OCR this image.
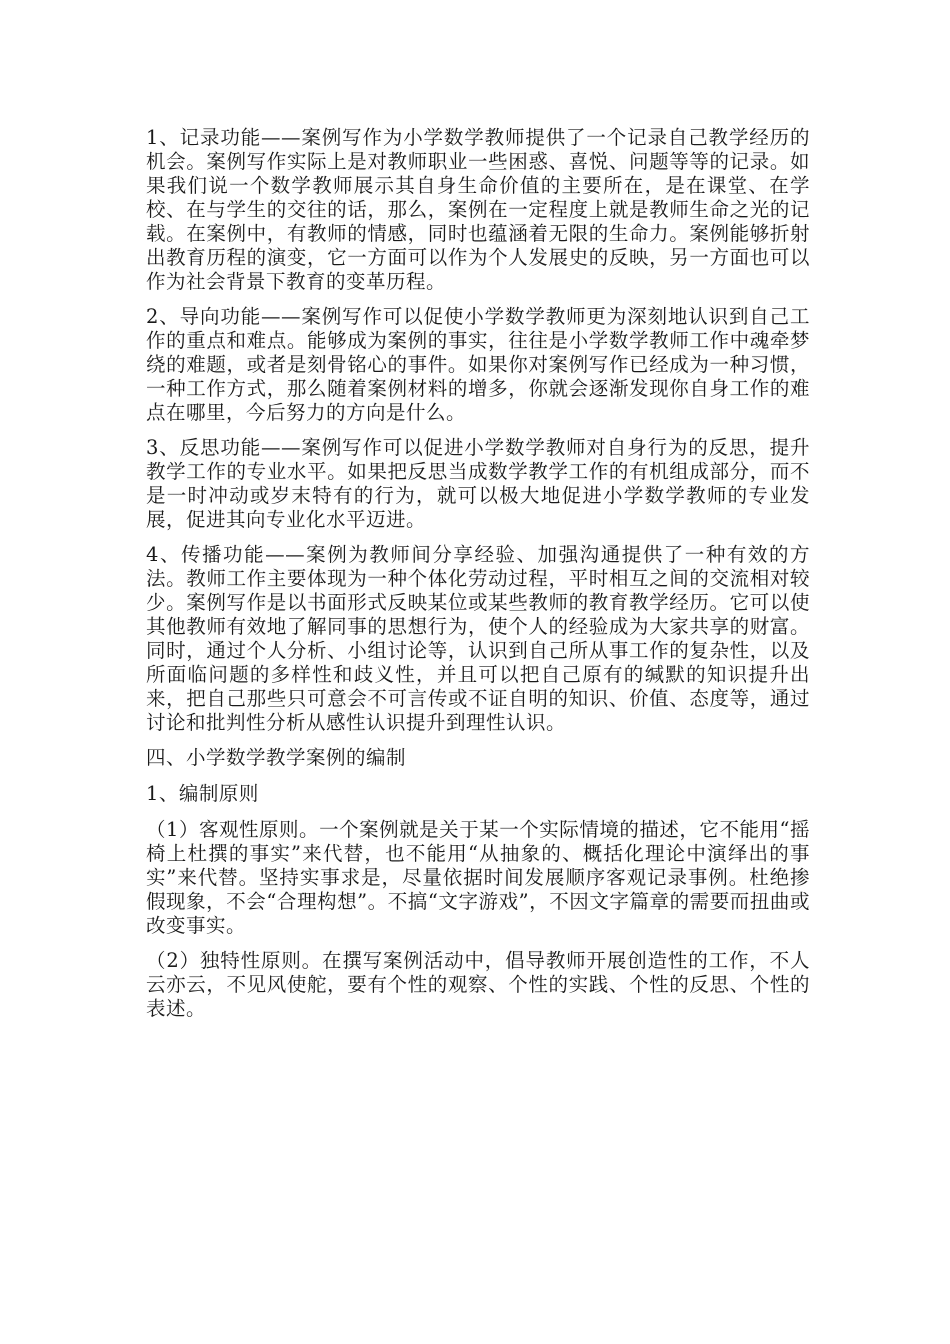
1、记录功能——案例写作为小学数学教师提供了一个记录自己教学经历的机会。案例写作实际上是对教师职业一些困惑、喜悦、问题等等的记录。如果我们说一个数学教师展示其自身生命价值的主要所在，是在课堂、在学校、在与学生的交往的话，那么，案例在一定程度上就是教师生命之光的记载。在案例中，有教师的情感，同时也蕴涵着无限的生命力。案例能够折射出教育历程的演变，它一方面可以作为个人发展史的反映，另一方面也可以作为社会背景下教育的变革历程。

2、导向功能——案例写作可以促使小学数学教师更为深刻地认识到自己工作的重点和难点。能够成为案例的事实，往往是小学数学教师工作中魂牵梦绕的难题，或者是刻骨铭心的事件。如果你对案例写作已经成为一种习惯，一种工作方式，那么随着案例材料的增多，你就会逐渐发现你自身工作的难点在哪里，今后努力的方向是什么。

3、反思功能——案例写作可以促进小学数学教师对自身行为的反思，提升教学工作的专业水平。如果把反思当成数学教学工作的有机组成部分，而不是一时冲动或岁末特有的行为，就可以极大地促进小学数学教师的专业发展，促进其向专业化水平迈进。

4、传播功能——案例为教师间分享经验、加强沟通提供了一种有效的方法。教师工作主要体现为一种个体化劳动过程，平时相互之间的交流相对较少。案例写作是以书面形式反映某位或某些教师的教育教学经历。它可以使其他教师有效地了解同事的思想行为，使个人的经验成为大家共享的财富。同时，通过个人分析、小组讨论等，认识到自己所从事工作的复杂性，以及所面临问题的多样性和歧义性，并且可以把自己原有的缄默的知识提升出来，把自己那些只可意会不可言传或不证自明的知识、价值、态度等，通过讨论和批判性分析从感性认识提升到理性认识。

四、小学数学教学案例的编制

1、编制原则

（1）客观性原则。一个案例就是关于某一个实际情境的描述，它不能用“摇椅上杜撰的事实”来代替，也不能用“从抽象的、概括化理论中演绎出的事实”来代替。坚持实事求是，尽量依据时间发展顺序客观记录事例。杜绝掺假现象，不会“合理构想”。不搞“文字游戏”，不因文字篇章的需要而扭曲或改变事实。

（2）独特性原则。在撰写案例活动中，倡导教师开展创造性的工作，不人云亦云，不见风使舵，要有个性的观察、个性的实践、个性的反思、个性的表述。
